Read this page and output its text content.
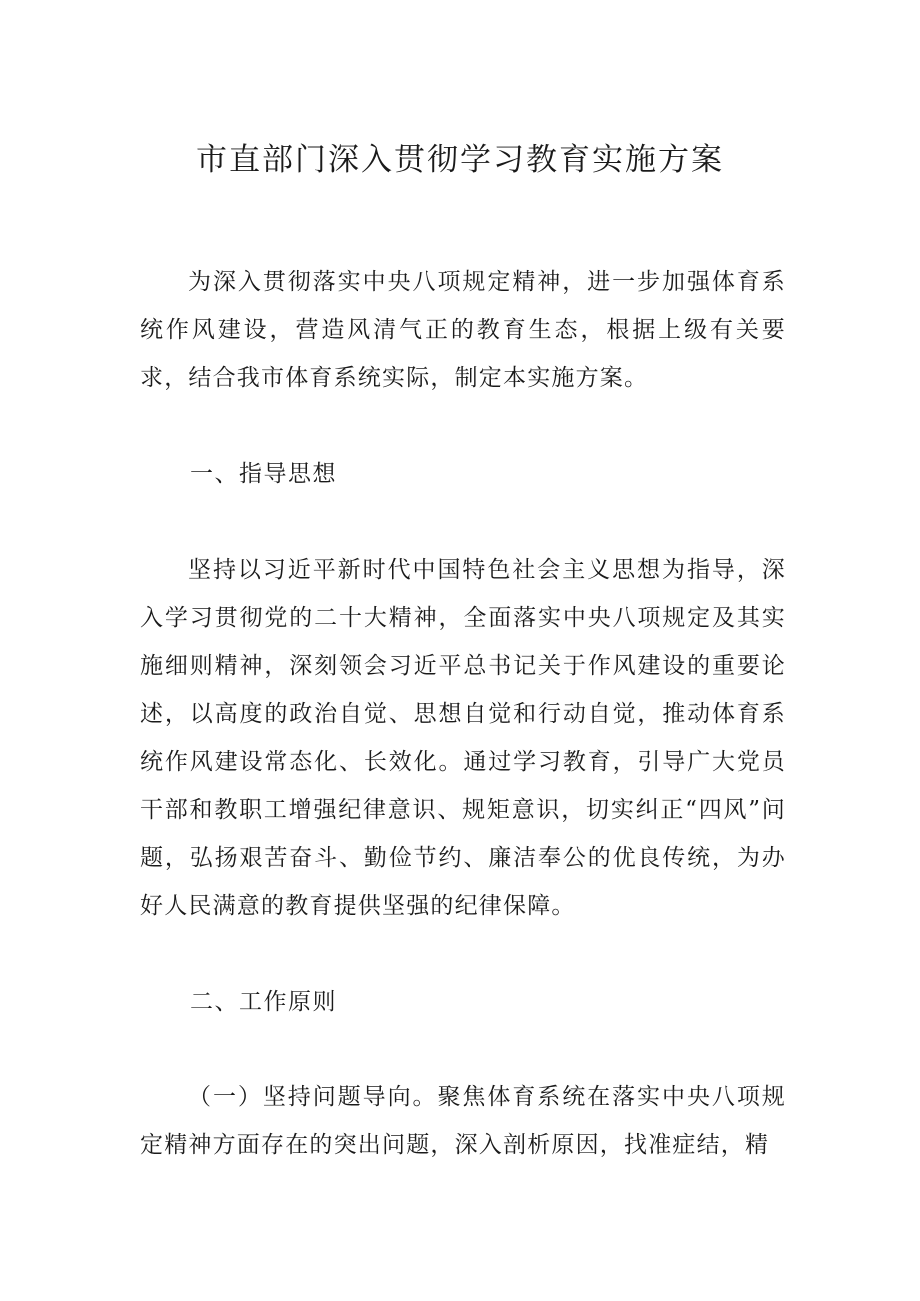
市直部门深入贯彻学习教育实施方案

为深入贯彻落实中央八项规定精神，进一步加强体育系统作风建设，营造风清气正的教育生态，根据上级有关要求，结合我市体育系统实际，制定本实施方案。

一、指导思想

坚持以习近平新时代中国特色社会主义思想为指导，深入学习贯彻党的二十大精神，全面落实中央八项规定及其实施细则精神，深刻领会习近平总书记关于作风建设的重要论述，以高度的政治自觉、思想自觉和行动自觉，推动体育系统作风建设常态化、长效化。通过学习教育，引导广大党员干部和教职工增强纪律意识、规矩意识，切实纠正“四风”问题，弘扬艰苦奋斗、勤俭节约、廉洁奉公的优良传统，为办好人民满意的教育提供坚强的纪律保障。

二、工作原则

（一）坚持问题导向。聚焦体育系统在落实中央八项规定精神方面存在的突出问题，深入剖析原因，找准症结，精
